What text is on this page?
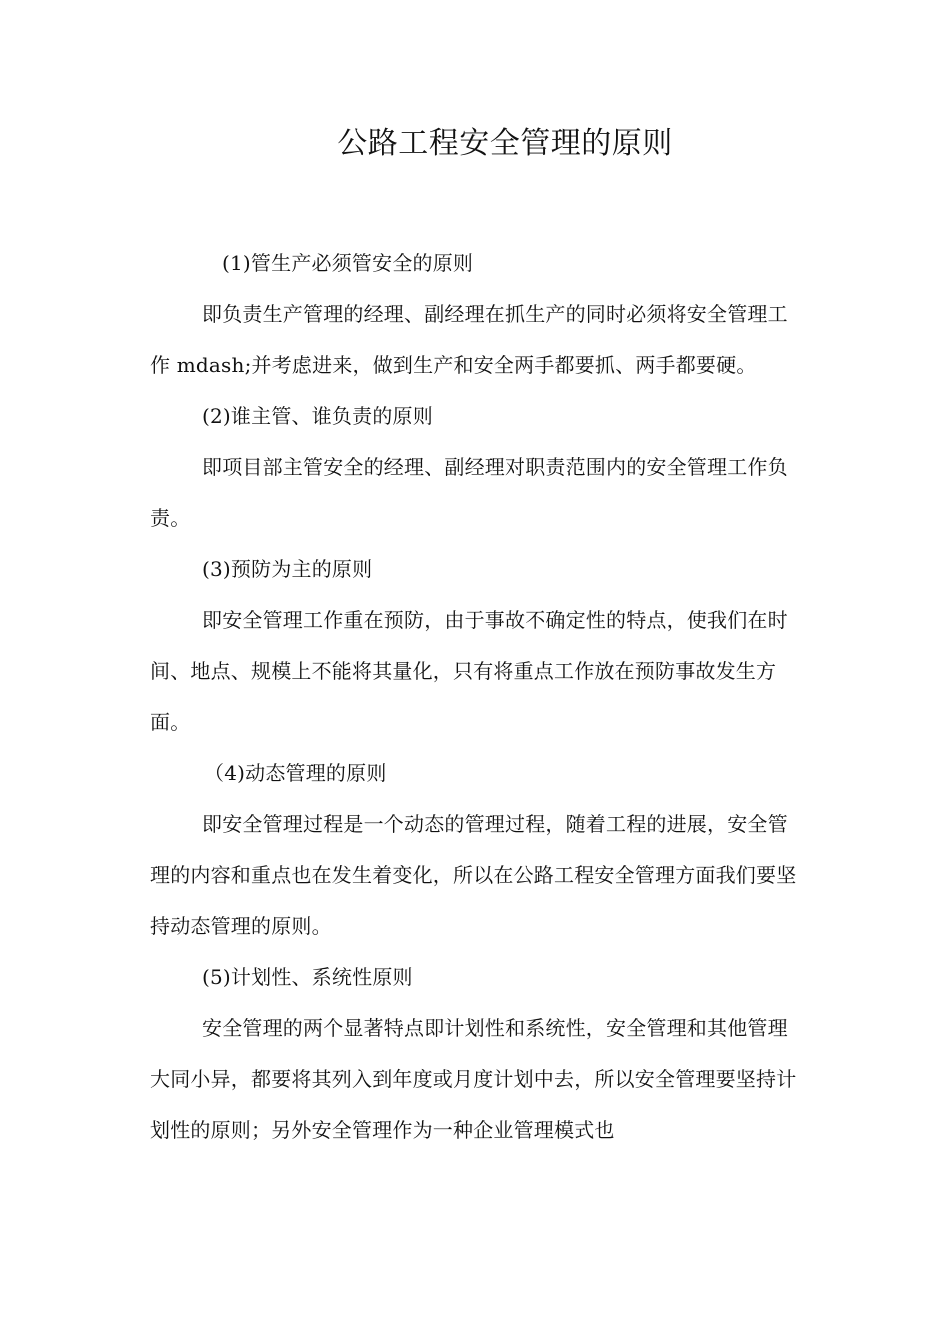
公路工程安全管理的原则

(1)管生产必须管安全的原则

即负责生产管理的经理、副经理在抓生产的同时必须将安全管理工作 mdash;并考虑进来，做到生产和安全两手都要抓、两手都要硬。

(2)谁主管、谁负责的原则

即项目部主管安全的经理、副经理对职责范围内的安全管理工作负责。

(3)预防为主的原则

即安全管理工作重在预防，由于事故不确定性的特点，使我们在时间、地点、规模上不能将其量化，只有将重点工作放在预防事故发生方面。

（4)动态管理的原则

即安全管理过程是一个动态的管理过程，随着工程的进展，安全管理的内容和重点也在发生着变化，所以在公路工程安全管理方面我们要坚持动态管理的原则。

(5)计划性、系统性原则

安全管理的两个显著特点即计划性和系统性，安全管理和其他管理大同小异，都要将其列入到年度或月度计划中去，所以安全管理要坚持计划性的原则；另外安全管理作为一种企业管理模式也
